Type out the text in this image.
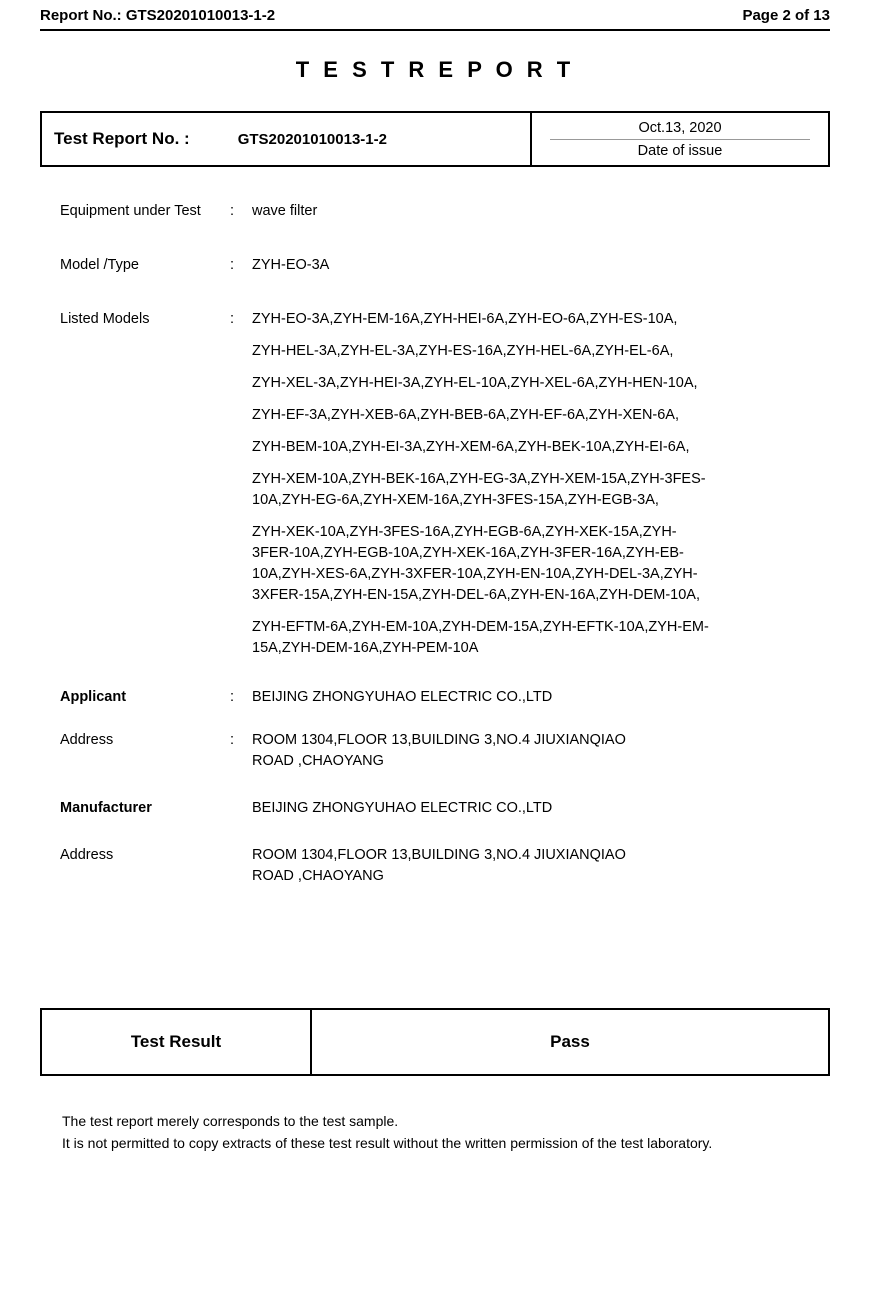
Report No.: GTS20201010013-1-2	Page 2 of 13
T E S T R E P O R T
Test Report No. :	GTS20201010013-1-2
Oct.13, 2020
Date of issue
Equipment under Test	:	wave filter
Model /Type	:	ZYH-EO-3A
Listed Models	:	ZYH-EO-3A,ZYH-EM-16A,ZYH-HEI-6A,ZYH-EO-6A,ZYH-ES-10A,
ZYH-HEL-3A,ZYH-EL-3A,ZYH-ES-16A,ZYH-HEL-6A,ZYH-EL-6A,
ZYH-XEL-3A,ZYH-HEI-3A,ZYH-EL-10A,ZYH-XEL-6A,ZYH-HEN-10A,
ZYH-EF-3A,ZYH-XEB-6A,ZYH-BEB-6A,ZYH-EF-6A,ZYH-XEN-6A,
ZYH-BEM-10A,ZYH-EI-3A,ZYH-XEM-6A,ZYH-BEK-10A,ZYH-EI-6A,
ZYH-XEM-10A,ZYH-BEK-16A,ZYH-EG-3A,ZYH-XEM-15A,ZYH-3FES-
10A,ZYH-EG-6A,ZYH-XEM-16A,ZYH-3FES-15A,ZYH-EGB-3A,
ZYH-XEK-10A,ZYH-3FES-16A,ZYH-EGB-6A,ZYH-XEK-15A,ZYH-
3FER-10A,ZYH-EGB-10A,ZYH-XEK-16A,ZYH-3FER-16A,ZYH-EB-
10A,ZYH-XES-6A,ZYH-3XFER-10A,ZYH-EN-10A,ZYH-DEL-3A,ZYH-
3XFER-15A,ZYH-EN-15A,ZYH-DEL-6A,ZYH-EN-16A,ZYH-DEM-10A,
ZYH-EFTM-6A,ZYH-EM-10A,ZYH-DEM-15A,ZYH-EFTK-10A,ZYH-EM-
15A,ZYH-DEM-16A,ZYH-PEM-10A
Applicant	:	BEIJING ZHONGYUHAO ELECTRIC CO.,LTD
Address	:	ROOM 1304,FLOOR 13,BUILDING 3,NO.4 JIUXIANQIAO
ROAD ,CHAOYANG
Manufacturer	BEIJING ZHONGYUHAO ELECTRIC CO.,LTD
Address	ROOM 1304,FLOOR 13,BUILDING 3,NO.4 JIUXIANQIAO
ROAD ,CHAOYANG
Test Result	Pass

The test report merely corresponds to the test sample.

It is not permitted to copy extracts of these test result without the written permission of the test laboratory.
